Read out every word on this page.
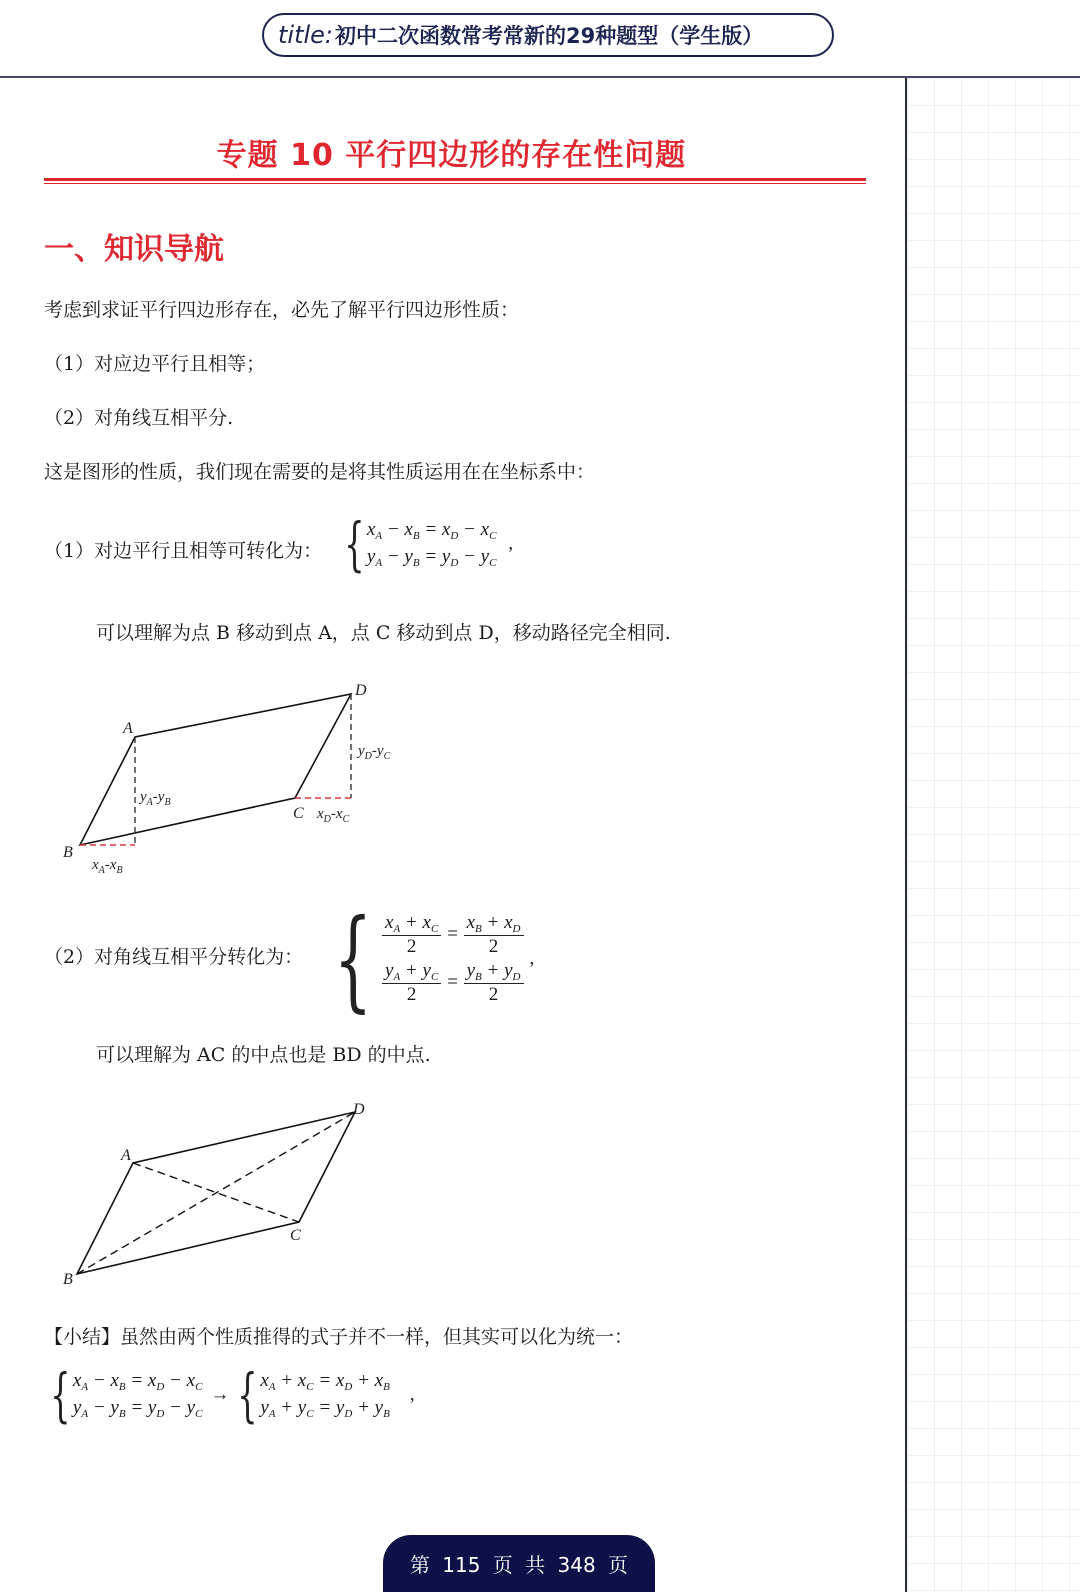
title: 初中二次函数常考常新的29种题型（学生版）
专题 10 平行四边形的存在性问题
一、知识导航
考虑到求证平行四边形存在，必先了解平行四边形性质：
（1）对应边平行且相等；
（2）对角线互相平分.
这是图形的性质，我们现在需要的是将其性质运用在在坐标系中：
（1）对边平行且相等可转化为： { $x_A - x_B = x_D - x_C$
$y_A - y_B = y_D - y_C$
,
可以理解为点 B 移动到点 A，点 C 移动到点 D，移动路径完全相同.
A
B
C
D
$y_A-y_B$
$x_A-x_B$
$y_D-y_C$
$x_D-x_C$
（2）对角线互相平分转化为： { $\frac{x_A + x_C}{2} = \frac{x_B + x_D}{2}$
$\frac{y_A + y_C}{2} = \frac{y_B + y_D}{2}$
,
可以理解为 AC 的中点也是 BD 的中点.
A
B
C
D
【小结】虽然由两个性质推得的式子并不一样，但其实可以化为统一：
{ $x_A - x_B = x_D - x_C$
$y_A - y_B = y_D - y_C$
→ { $x_A + x_C = x_D + x_B$
$y_A + y_C = y_D + y_B$
,
第 115 页 共 348 页
